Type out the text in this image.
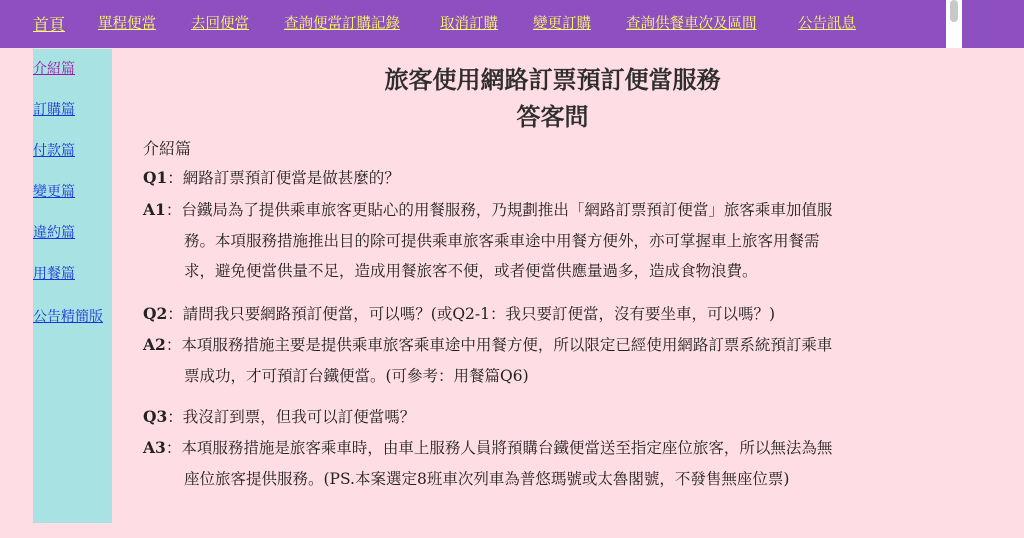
首頁 單程便當 去回便當 查詢便當訂購記錄	取消訂購 變更訂購 查詢供餐車次及區間	公告訊息
介紹篇
訂購篇
付款篇
變更篇
違約篇
用餐篇
公告精簡版
旅客使用網路訂票預訂便當服務
答客問
介紹篇
Q1：網路訂票預訂便當是做甚麼的？
A1：台鐵局為了提供乘車旅客更貼心的用餐服務，乃規劃推出「網路訂票預訂便當」旅客乘車加值服
務。本項服務措施推出目的除可提供乘車旅客乘車途中用餐方便外，亦可掌握車上旅客用餐需
求，避免便當供量不足，造成用餐旅客不便，或者便當供應量過多，造成食物浪費。
Q2：請問我只要網路預訂便當，可以嗎？(或Q2-1：我只要訂便當，沒有要坐車，可以嗎？)
A2：本項服務措施主要是提供乘車旅客乘車途中用餐方便，所以限定已經使用網路訂票系統預訂乘車
票成功，才可預訂台鐵便當。(可參考：用餐篇Q6)
Q3：我沒訂到票，但我可以訂便當嗎？
A3：本項服務措施是旅客乘車時，由車上服務人員將預購台鐵便當送至指定座位旅客，所以無法為無
座位旅客提供服務。(PS.本案選定8班車次列車為普悠瑪號或太魯閣號，不發售無座位票)
